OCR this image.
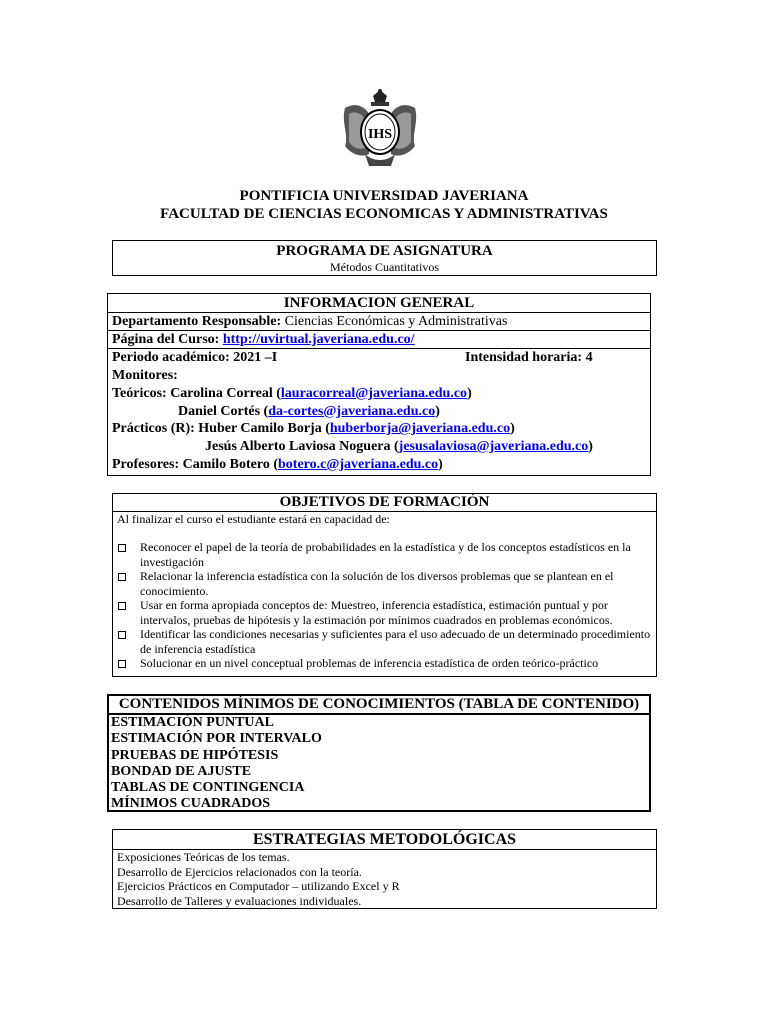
IHS
PONTIFICIA UNIVERSIDAD JAVERIANA
FACULTAD DE CIENCIAS ECONOMICAS Y ADMINISTRATIVAS
PROGRAMA DE ASIGNATURA
Métodos Cuantitativos
INFORMACION GENERAL
Departamento Responsable: Ciencias Económicas y Administrativas
Página del Curso: http://uvirtual.javeriana.edu.co/
Periodo académico: 2021 –I	Intensidad horaria: 4
Monitores:
Teóricos: Carolina Correal (lauracorreal@javeriana.edu.co)
Daniel Cortés (da-cortes@javeriana.edu.co)
Prácticos (R): Huber Camilo Borja (huberborja@javeriana.edu.co)
Jesús Alberto Laviosa Noguera (jesusalaviosa@javeriana.edu.co)
Profesores: Camilo Botero (botero.c@javeriana.edu.co)
OBJETIVOS DE FORMACIÓN
Al finalizar el curso el estudiante estará en capacidad de:
Reconocer el papel de la teoría de probabilidades en la estadística y de los conceptos estadísticos en la investigación
Relacionar la inferencia estadística con la solución de los diversos problemas que se plantean en el conocimiento.
Usar en forma apropiada conceptos de: Muestreo, inferencia estadística, estimación puntual y por intervalos, pruebas de hipótesis y la estimación por mínimos cuadrados en problemas económicos.
Identificar las condiciones necesarias y suficientes para el uso adecuado de un determinado procedimiento de inferencia estadística
Solucionar en un nivel conceptual problemas de inferencia estadística de orden teórico-práctico
CONTENIDOS MÍNIMOS DE CONOCIMIENTOS (TABLA DE CONTENIDO)
ESTIMACIÓN PUNTUAL
ESTIMACIÓN POR INTERVALO
PRUEBAS DE HIPÓTESIS
BONDAD DE AJUSTE
TABLAS DE CONTINGENCIA
MÍNIMOS CUADRADOS
ESTRATEGIAS METODOLÓGICAS
Exposiciones Teóricas de los temas.
Desarrollo de Ejercicios relacionados con la teoría.
Ejercicios Prácticos en Computador – utilizando Excel y R
Desarrollo de Talleres y evaluaciones individuales.
